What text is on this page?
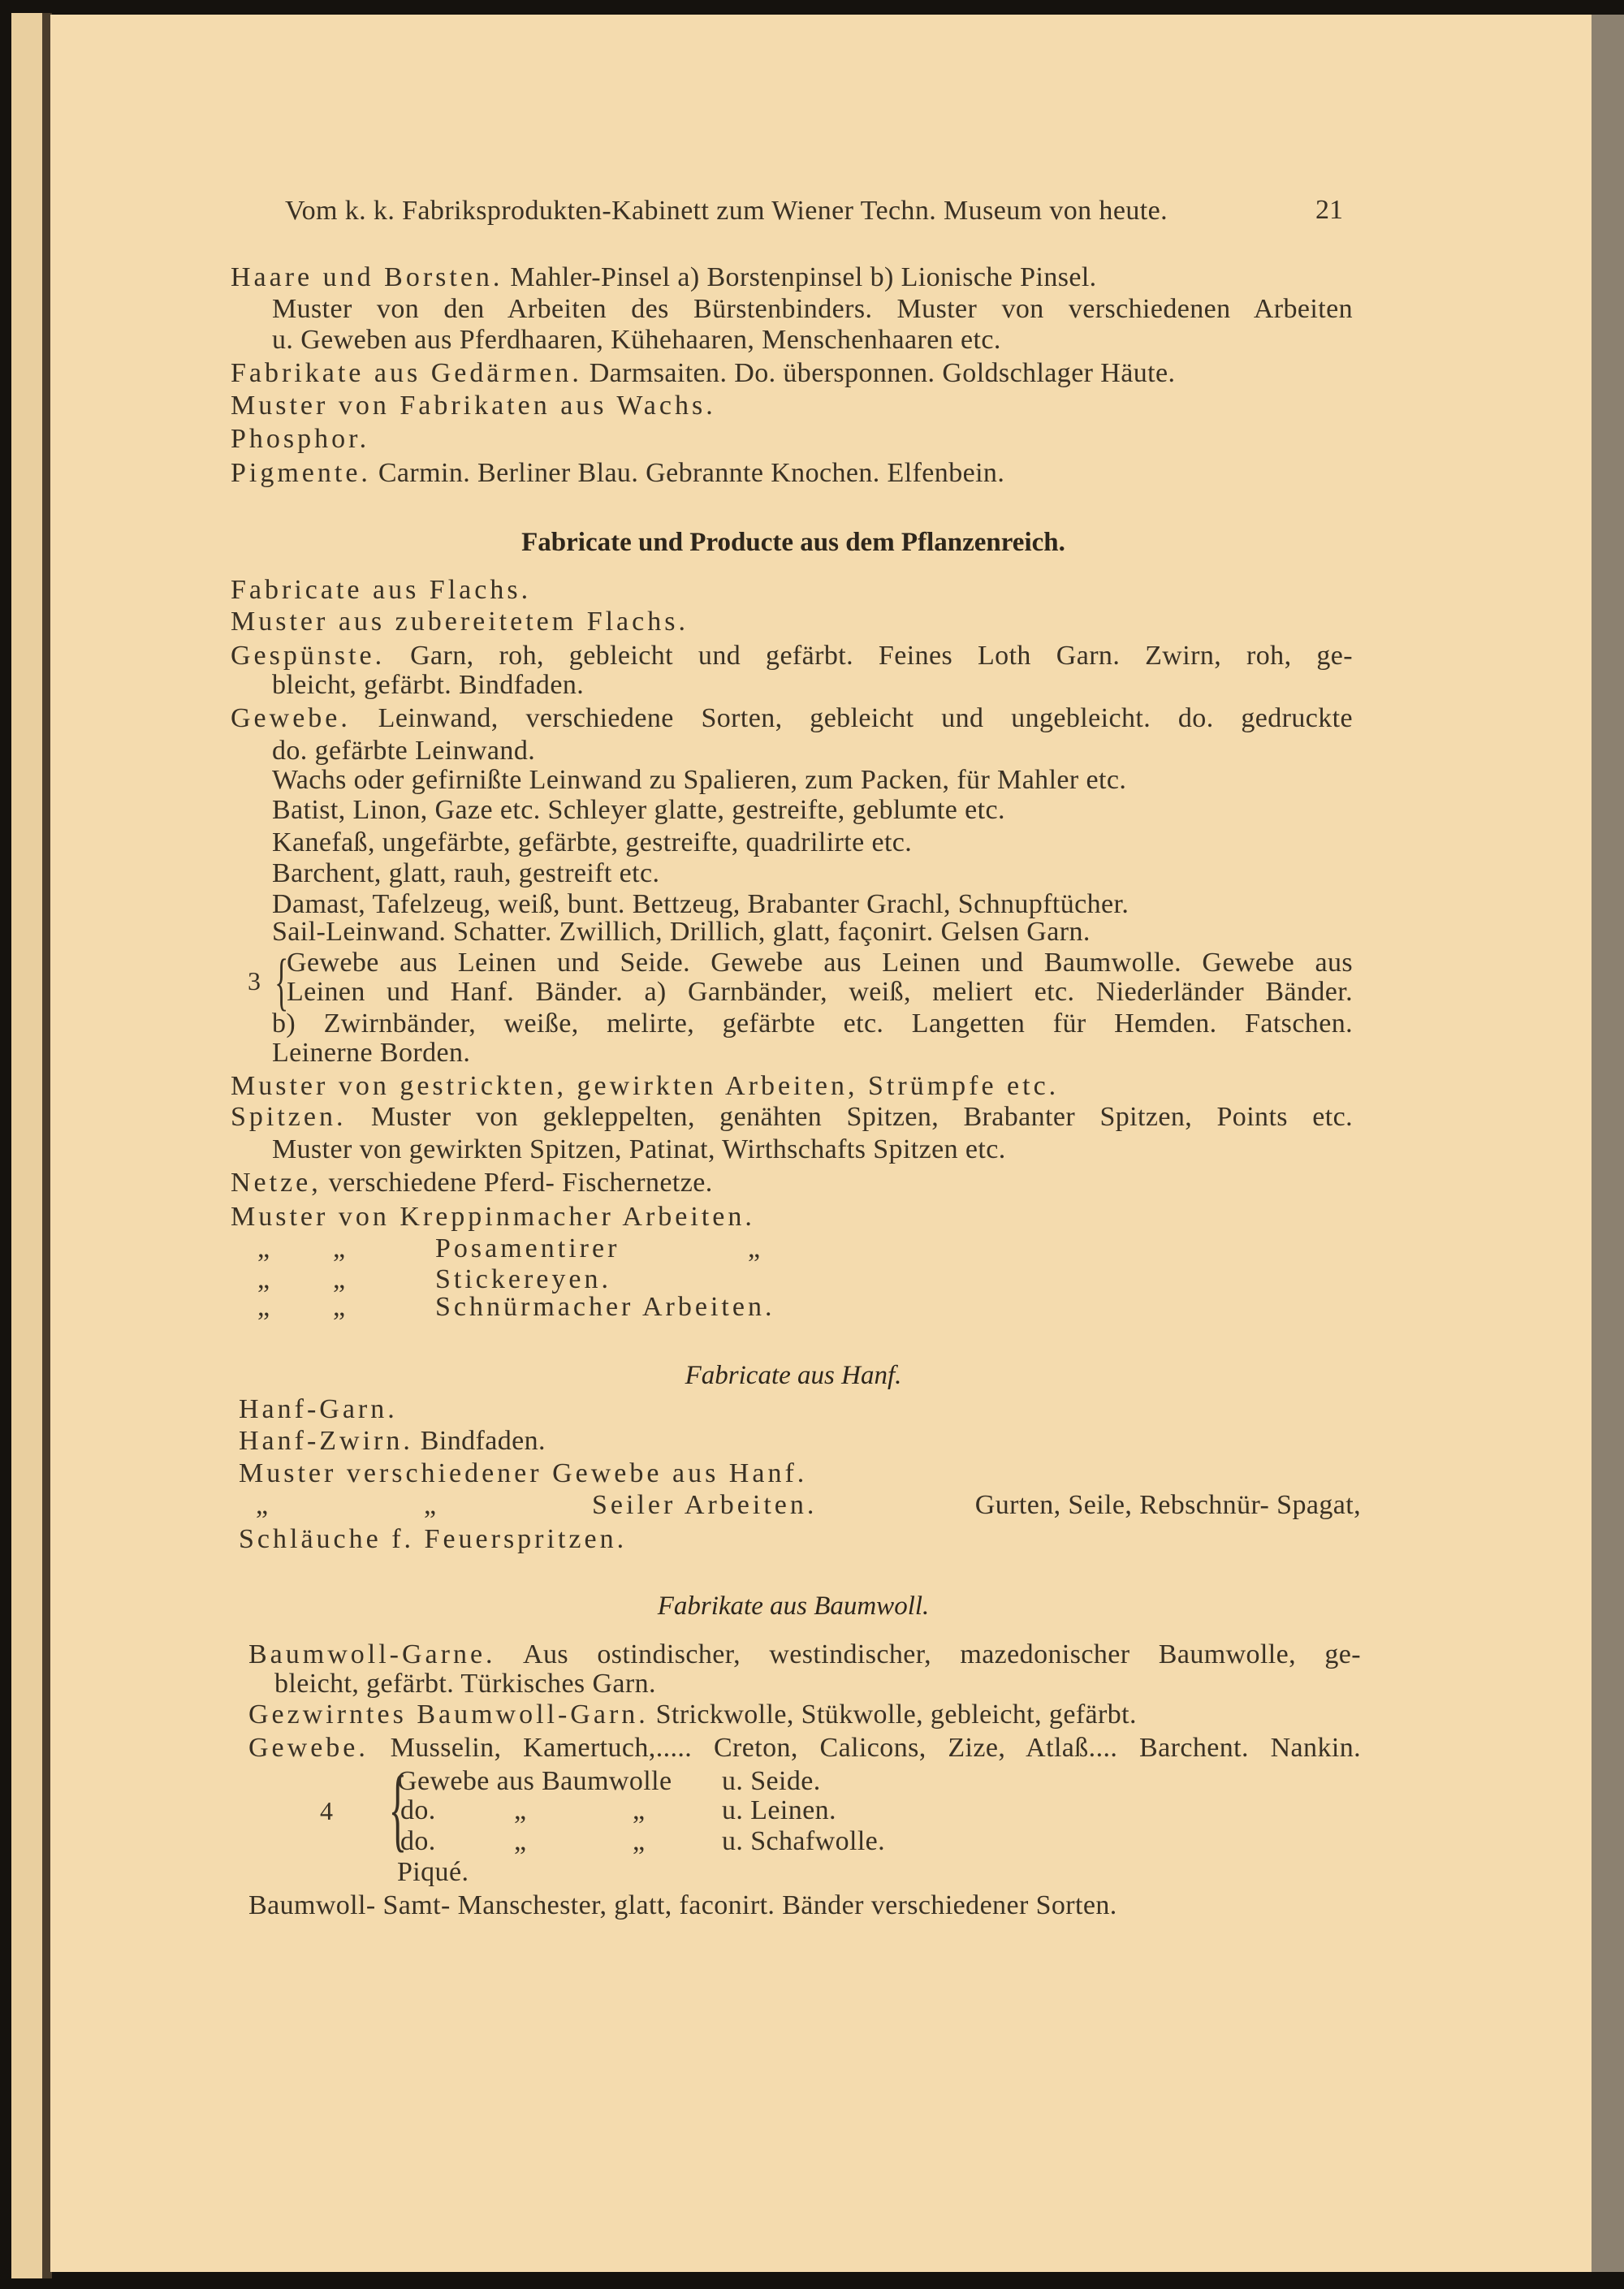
Vom k. k. Fabriksprodukten-Kabinett zum Wiener Techn. Museum von heute.	21
Fabricate und Producte aus dem Pflanzenreich.
Fabricate aus Hanf.
Fabrikate aus Baumwoll.
3 {
4 {
Haare und Borsten. Mahler-Pinsel a) Borstenpinsel b) Lionische Pinsel.
Muster von den Arbeiten des Bürstenbinders. Muster von verschiedenen Arbeiten
u. Geweben aus Pferdhaaren, Kühehaaren, Menschenhaaren etc.
Fabrikate aus Gedärmen. Darmsaiten. Do. übersponnen. Goldschlager Häute.
Muster von Fabrikaten aus Wachs.
Phosphor.
Pigmente. Carmin. Berliner Blau. Gebrannte Knochen. Elfenbein.
Fabricate aus Flachs.
Muster aus zubereitetem Flachs.
Gespünste. Garn, roh, gebleicht und gefärbt. Feines Loth Garn. Zwirn, roh, ge-
bleicht, gefärbt. Bindfaden.
Gewebe. Leinwand, verschiedene Sorten, gebleicht und ungebleicht. do. gedruckte
do. gefärbte Leinwand.
Wachs oder gefirnißte Leinwand zu Spalieren, zum Packen, für Mahler etc.
Batist, Linon, Gaze etc. Schleyer glatte, gestreifte, geblumte etc.
Kanefaß, ungefärbte, gefärbte, gestreifte, quadrilirte etc.
Barchent, glatt, rauh, gestreift etc.
Damast, Tafelzeug, weiß, bunt. Bettzeug, Brabanter Grachl, Schnupftücher.
Sail-Leinwand. Schatter. Zwillich, Drillich, glatt, façonirt. Gelsen Garn.
Gewebe aus Leinen und Seide. Gewebe aus Leinen und Baumwolle. Gewebe aus
Leinen und Hanf. Bänder. a) Garnbänder, weiß, meliert etc. Niederländer Bänder.
b) Zwirnbänder, weiße, melirte, gefärbte etc. Langetten für Hemden. Fatschen.
Leinerne Borden.
Muster von gestrickten, gewirkten Arbeiten, Strümpfe etc.
Spitzen. Muster von gekleppelten, genähten Spitzen, Brabanter Spitzen, Points etc.
Muster von gewirkten Spitzen, Patinat, Wirthschafts Spitzen etc.
Netze, verschiedene Pferd- Fischernetze.
Muster von Kreppinmacher Arbeiten.
„ „	Posamentirer	„
„ „	Stickereyen.
„ „	Schnürmacher Arbeiten.
Hanf-Garn.
Hanf-Zwirn. Bindfaden.
Muster verschiedener Gewebe aus Hanf.
„	„	Seiler Arbeiten.	Gurten, Seile, Rebschnür- Spagat,
Schläuche f. Feuerspritzen.
Baumwoll-Garne. Aus ostindischer, westindischer, mazedonischer Baumwolle, ge-
bleicht, gefärbt. Türkisches Garn.
Gezwirntes Baumwoll-Garn. Strickwolle, Stükwolle, gebleicht, gefärbt.
Gewebe. Musselin, Kamertuch,..... Creton, Calicons, Zize, Atlaß.... Barchent. Nankin.
Gewebe aus Baumwolle u. Seide.
do.	„	„	u. Leinen.
do.	„	„	u. Schafwolle.
Piqué.
Baumwoll- Samt- Manschester, glatt, faconirt. Bänder verschiedener Sorten.
